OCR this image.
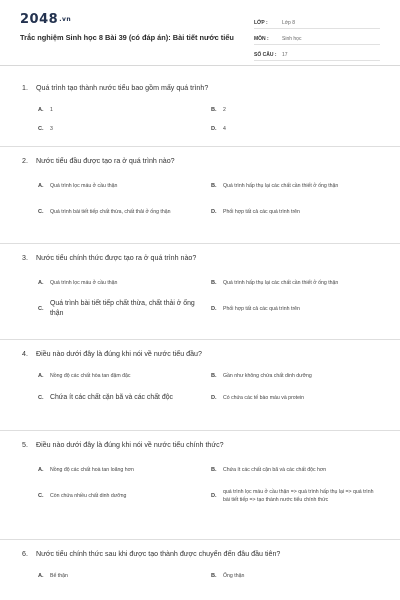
2048.vn
Trắc nghiệm Sinh học 8 Bài 39 (có đáp án): Bài tiết nước tiểu
LỚP :	Lớp 8
MÔN :	Sinh học
SỐ CÂU :	17
1.	Quá trình tạo thành nước tiểu bao gồm mấy quá trình?
A.	1	B.	2
C.	3	D.	4
2.	Nước tiểu đầu được tạo ra ở quá trình nào?
A.	Quá trình lọc máu ở cầu thận	B.	Quá trình hấp thụ lại các chất cần thiết ở ống thận
C.	Quá trình bài tiết tiếp chất thừa, chất thải ở ống thận	D.	Phối hợp tất cả các quá trình trên
3.	Nước tiểu chính thức được tạo ra ở quá trình nào?
A.	Quá trình lọc máu ở cầu thận	B.	Quá trình hấp thụ lại các chất cần thiết ở ống thận
C.
Quá trình bài tiết tiếp chất thừa, chất thải ở ống thận
D.	Phối hợp tất cả các quá trình trên
4.	Điều nào dưới đây là đúng khi nói về nước tiểu đầu?
A.	Nồng độ các chất hòa tan đậm đặc	B.	Gần như không chứa chất dinh dưỡng
C. Chứa ít các chất cặn bã và các chất độc	D.	Có chứa các tế bào máu và protein
5.	Điều nào dưới đây là đúng khi nói về nước tiểu chính thức?
A.	Nồng độ các chất hoà tan loãng hơn	B.	Chứa ít các chất cặn bã và các chất độc hơn
C.	Còn chứa nhiều chất dinh dưỡng	D.
quá trình lọc máu ở cầu thận => quá trình hấp thụ lại => quá trình bài tiết tiếp => tạo thành nước tiểu chính thức
6.	Nước tiểu chính thức sau khi được tạo thành được chuyển đến đâu đầu tiên?
A.	Bể thận	B.	Ống thận
